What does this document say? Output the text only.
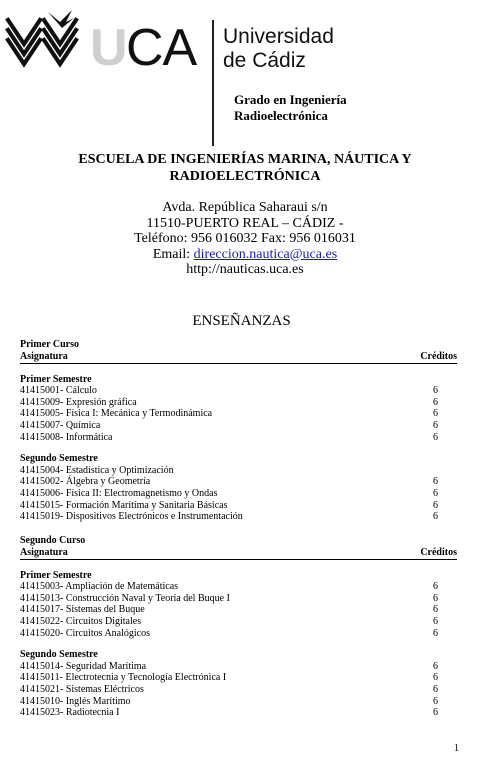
U CA Universidad
de Cádiz
Grado en Ingeniería
Radioelectrónica
ESCUELA DE INGENIERÍAS MARINA, NÁUTICA Y
RADIOELECTRÓNICA
Avda. República Saharaui s/n
11510-PUERTO REAL – CÁDIZ -
Teléfono: 956 016032 Fax: 956 016031
Email: direccion.nautica@uca.es
http://nauticas.uca.es
ENSEÑANZAS
Primer Curso
Asignatura	Créditos
Primer Semestre
41415001- Cálculo	6
41415009- Expresión gráfica	6
41415005- Física I: Mecánica y Termodinámica	6
41415007- Química	6
41415008- Informática	6
Segundo Semestre
41415004- Estadística y Optimización
41415002- Álgebra y Geometría	6
41415006- Física II: Electromagnetismo y Ondas	6
41415015- Formación Marítima y Sanitaria Básicas	6
41415019- Dispositivos Electrónicos e Instrumentación	6
Segundo Curso
Asignatura	Créditos
Primer Semestre
41415003- Ampliación de Matemáticas	6
41415013- Construcción Naval y Teoría del Buque I	6
41415017- Sistemas del Buque	6
41415022- Circuitos Digitales	6
41415020- Circuitos Analógicos	6
Segundo Semestre
41415014- Seguridad Marítima	6
41415011- Electrotecnia y Tecnología Electrónica I	6
41415021- Sistemas Eléctricos	6
41415010- Inglés Marítimo	6
41415023- Radiotecnia I	6
1
